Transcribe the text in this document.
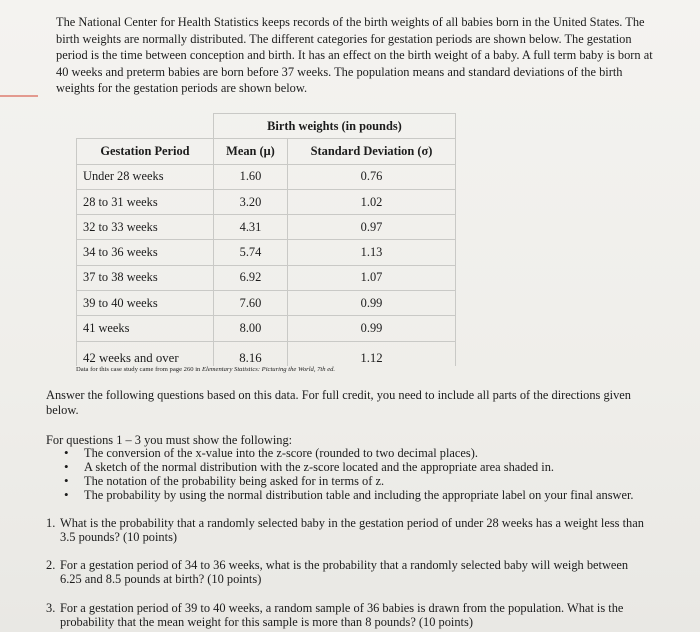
The National Center for Health Statistics keeps records of the birth weights of all babies born in the United States. The birth weights are normally distributed. The different categories for gestation periods are shown below. The gestation period is the time between conception and birth. It has an effect on the birth weight of a baby. A full term baby is born at 40 weeks and preterm babies are born before 37 weeks. The population means and standard deviations of the birth weights for the gestation periods are shown below.

	Birth weights (in pounds)	
Gestation Period	Mean (μ)	Standard Deviation (σ)
Under 28 weeks	1.60	0.76
28 to 31 weeks	3.20	1.02
32 to 33 weeks	4.31	0.97
34 to 36 weeks	5.74	1.13
37 to 38 weeks	6.92	1.07
39 to 40 weeks	7.60	0.99
41 weeks	8.00	0.99
42 weeks and over	8.16	1.12
Data for this case study came from page 260 in Elementary Statistics: Picturing the World, 7th ed.

Answer the following questions based on this data. For full credit, you need to include all parts of the directions given below.

For questions 1 – 3 you must show the following:

• The conversion of the x-value into the z-score (rounded to two decimal places).
• A sketch of the normal distribution with the z-score located and the appropriate area shaded in.
• The notation of the probability being asked for in terms of z.
• The probability by using the normal distribution table and including the appropriate label on your final answer.
1. What is the probability that a randomly selected baby in the gestation period of under 28 weeks has a weight less than
3.5 pounds? (10 points)
2. For a gestation period of 34 to 36 weeks, what is the probability that a randomly selected baby will weigh between
6.25 and 8.5 pounds at birth? (10 points)
3. For a gestation period of 39 to 40 weeks, a random sample of 36 babies is drawn from the population. What is the
probability that the mean weight for this sample is more than 8 pounds? (10 points)
